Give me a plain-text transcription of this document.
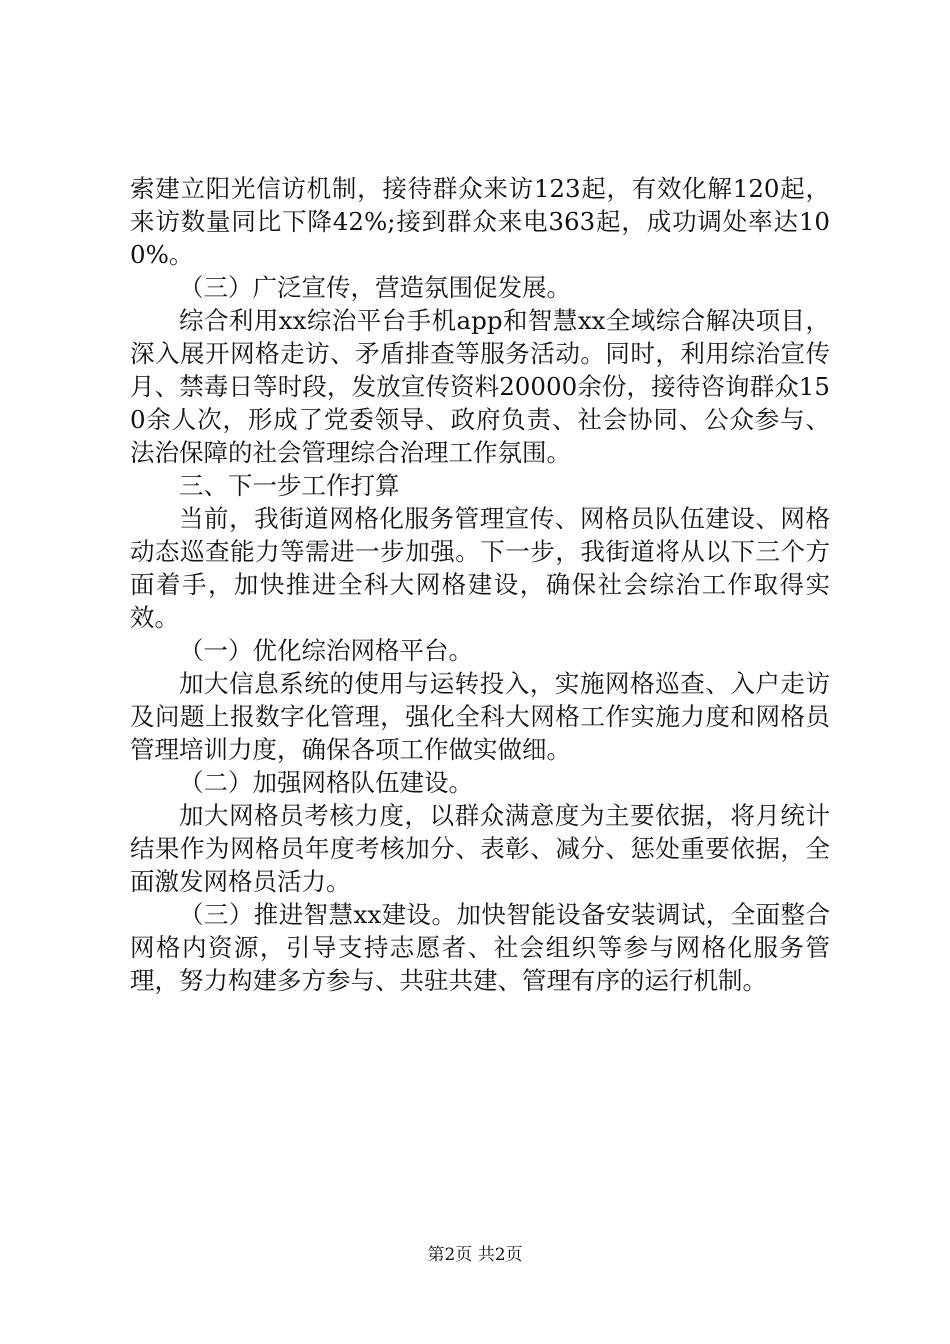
索建立阳光信访机制，接待群众来访123起，有效化解120起，来访数量同比下降42%;接到群众来电363起，成功调处率达100%。

（三）广泛宣传，营造氛围促发展。

综合利用xx综治平台手机app和智慧xx全域综合解决项目，深入展开网格走访、矛盾排查等服务活动。同时，利用综治宣传月、禁毒日等时段，发放宣传资料20000余份，接待咨询群众150余人次，形成了党委领导、政府负责、社会协同、公众参与、法治保障的社会管理综合治理工作氛围。

三、下一步工作打算

当前，我街道网格化服务管理宣传、网格员队伍建设、网格动态巡查能力等需进一步加强。下一步，我街道将从以下三个方面着手，加快推进全科大网格建设，确保社会综治工作取得实效。

（一）优化综治网格平台。

加大信息系统的使用与运转投入，实施网格巡查、入户走访及问题上报数字化管理，强化全科大网格工作实施力度和网格员管理培训力度，确保各项工作做实做细。

（二）加强网格队伍建设。

加大网格员考核力度，以群众满意度为主要依据，将月统计结果作为网格员年度考核加分、表彰、减分、惩处重要依据，全面激发网格员活力。

（三）推进智慧xx建设。加快智能设备安装调试，全面整合网格内资源，引导支持志愿者、社会组织等参与网格化服务管理，努力构建多方参与、共驻共建、管理有序的运行机制。

第2页 共2页
